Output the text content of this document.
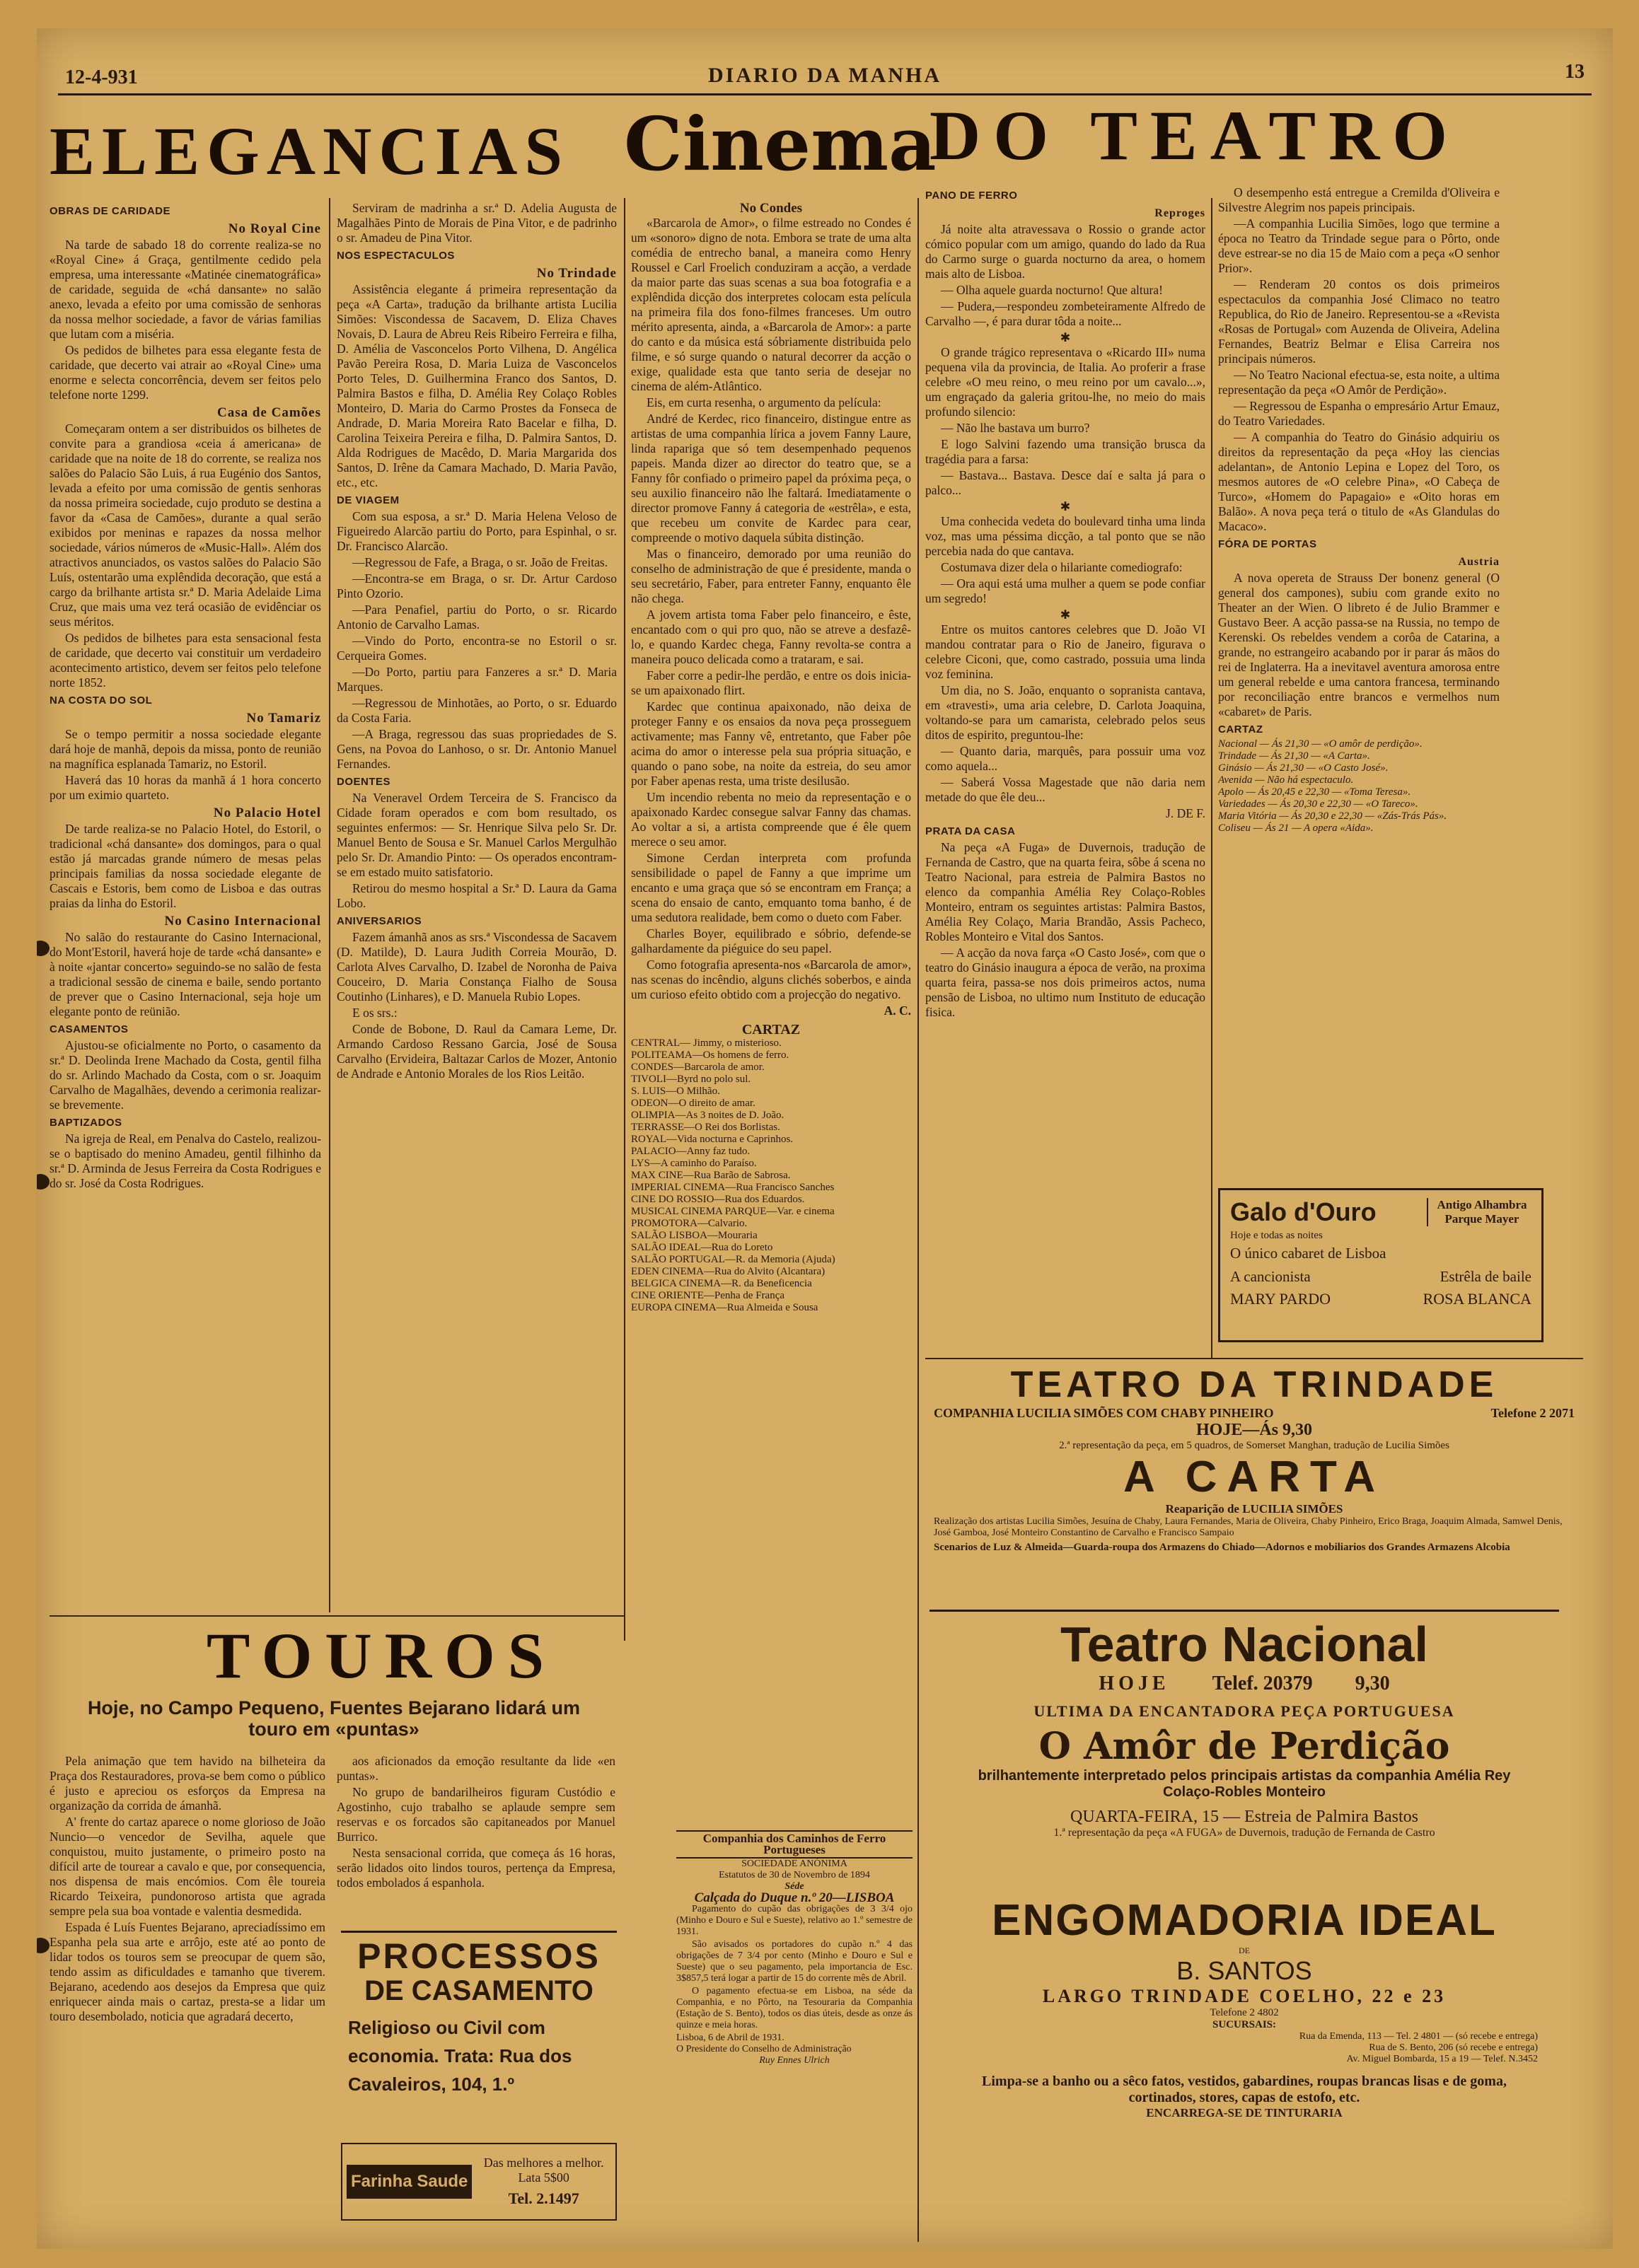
12-4-931	DIARIO DA MANHA	13
ELEGANCIAS Cinema
DO TEATRO
OBRAS DE CARIDADE
No Royal Cine

Na tarde de sabado 18 do corrente realiza-se no «Royal Cine» á Graça, gentilmente cedido pela empresa, uma interessante «Matinée cinematográfica» de caridade, seguida de «chá dansante» no salão anexo, levada a efeito por uma comissão de senhoras da nossa melhor sociedade, a favor de várias familias que lutam com a miséria.

Os pedidos de bilhetes para essa elegante festa de caridade, que decerto vai atrair ao «Royal Cine» uma enorme e selecta concorrência, devem ser feitos pelo telefone norte 1299.

Casa de Camões

Começaram ontem a ser distribuidos os bilhetes de convite para a grandiosa «ceia á americana» de caridade que na noite de 18 do corrente, se realiza nos salões do Palacio São Luis, á rua Eugénio dos Santos, levada a efeito por uma comissão de gentis senhoras da nossa primeira sociedade, cujo produto se destina a favor da «Casa de Camões», durante a qual serão exibidos por meninas e rapazes da nossa melhor sociedade, vários números de «Music-Hall». Além dos atractivos anunciados, os vastos salões do Palacio São Luís, ostentarão uma explêndida decoração, que está a cargo da brilhante artista sr.ª D. Maria Adelaide Lima Cruz, que mais uma vez terá ocasião de evidênciar os seus méritos.

Os pedidos de bilhetes para esta sensacional festa de caridade, que decerto vai constituir um verdadeiro acontecimento artistico, devem ser feitos pelo telefone norte 1852.

NA COSTA DO SOL
No Tamariz

Se o tempo permitir a nossa sociedade elegante dará hoje de manhã, depois da missa, ponto de reunião na magnífica esplanada Tamariz, no Estoril.

Haverá das 10 horas da manhã á 1 hora concerto por um eximio quarteto.

No Palacio Hotel

De tarde realiza-se no Palacio Hotel, do Estoril, o tradicional «chá dansante» dos domingos, para o qual estão já marcadas grande número de mesas pelas principais familias da nossa sociedade elegante de Cascais e Estoris, bem como de Lisboa e das outras praias da linha do Estoril.

No Casino Internacional

No salão do restaurante do Casino Internacional, do Mont'Estoril, haverá hoje de tarde «chá dansante» e à noite «jantar concerto» seguindo-se no salão de festa a tradicional sessão de cinema e baile, sendo portanto de prever que o Casino Internacional, seja hoje um elegante ponto de reünião.

CASAMENTOS

Ajustou-se oficialmente no Porto, o casamento da sr.ª D. Deolinda Irene Machado da Costa, gentil filha do sr. Arlindo Machado da Costa, com o sr. Joaquim Carvalho de Magalhães, devendo a cerimonia realizar-se brevemente.

BAPTIZADOS

Na igreja de Real, em Penalva do Castelo, realizou-se o baptisado do menino Amadeu, gentil filhinho da sr.ª D. Arminda de Jesus Ferreira da Costa Rodrigues e do sr. José da Costa Rodrigues.

Serviram de madrinha a sr.ª D. Adelia Augusta de Magalhães Pinto de Morais de Pina Vitor, e de padrinho o sr. Amadeu de Pina Vitor.

NOS ESPECTACULOS
No Trindade

Assistência elegante á primeira representação da peça «A Carta», tradução da brilhante artista Lucilia Simões: Viscondessa de Sacavem, D. Eliza Chaves Novais, D. Laura de Abreu Reis Ribeiro Ferreira e filha, D. Amélia de Vasconcelos Porto Vilhena, D. Angélica Pavão Pereira Rosa, D. Maria Luiza de Vasconcelos Porto Teles, D. Guilhermina Franco dos Santos, D. Palmira Bastos e filha, D. Amélia Rey Colaço Robles Monteiro, D. Maria do Carmo Prostes da Fonseca de Andrade, D. Maria Moreira Rato Bacelar e filha, D. Carolina Teixeira Pereira e filha, D. Palmira Santos, D. Alda Rodrigues de Macêdo, D. Maria Margarida dos Santos, D. Irêne da Camara Machado, D. Maria Pavão, etc., etc.

DE VIAGEM

Com sua esposa, a sr.ª D. Maria Helena Veloso de Figueiredo Alarcão partiu do Porto, para Espinhal, o sr. Dr. Francisco Alarcão.

—Regressou de Fafe, a Braga, o sr. João de Freitas.

—Encontra-se em Braga, o sr. Dr. Artur Cardoso Pinto Ozorio.

—Para Penafiel, partiu do Porto, o sr. Ricardo Antonio de Carvalho Lamas.

—Vindo do Porto, encontra-se no Estoril o sr. Cerqueira Gomes.

—Do Porto, partiu para Fanzeres a sr.ª D. Maria Marques.

—Regressou de Minhotães, ao Porto, o sr. Eduardo da Costa Faria.

—A Braga, regressou das suas propriedades de S. Gens, na Povoa do Lanhoso, o sr. Dr. Antonio Manuel Fernandes.

DOENTES

Na Veneravel Ordem Terceira de S. Francisco da Cidade foram operados e com bom resultado, os seguintes enfermos: — Sr. Henrique Silva pelo Sr. Dr. Manuel Bento de Sousa e Sr. Manuel Carlos Mergulhão pelo Sr. Dr. Amandio Pinto: — Os operados encontram-se em estado muito satisfatorio.

Retirou do mesmo hospital a Sr.ª D. Laura da Gama Lobo.

ANIVERSARIOS

Fazem ámanhã anos as srs.ª Viscondessa de Sacavem (D. Matilde), D. Laura Judith Correia Mourão, D. Carlota Alves Carvalho, D. Izabel de Noronha de Paiva Couceiro, D. Maria Constança Fialho de Sousa Coutinho (Linhares), e D. Manuela Rubio Lopes.

E os srs.:

Conde de Bobone, D. Raul da Camara Leme, Dr. Armando Cardoso Ressano Garcia, José de Sousa Carvalho (Ervideira, Baltazar Carlos de Mozer, Antonio de Andrade e Antonio Morales de los Rios Leitão.

No Condes

«Barcarola de Amor», o filme estreado no Condes é um «sonoro» digno de nota. Embora se trate de uma alta comédia de entrecho banal, a maneira como Henry Roussel e Carl Froelich conduziram a acção, a verdade da maior parte das suas scenas a sua boa fotografia e a explêndida dicção dos interpretes colocam esta película na primeira fila dos fono-filmes franceses. Um outro mérito apresenta, ainda, a «Barcarola de Amor»: a parte do canto e da música está sóbriamente distribuida pelo filme, e só surge quando o natural decorrer da acção o exige, qualidade esta que tanto seria de desejar no cinema de além-Atlântico.

Eis, em curta resenha, o argumento da película:

André de Kerdec, rico financeiro, distingue entre as artistas de uma companhia lírica a jovem Fanny Laure, linda rapariga que só tem desempenhado pequenos papeis. Manda dizer ao director do teatro que, se a Fanny fôr confiado o primeiro papel da próxima peça, o seu auxilio financeiro não lhe faltará. Imediatamente o director promove Fanny á categoria de «estrêla», e esta, que recebeu um convite de Kardec para cear, compreende o motivo daquela súbita distinção.

Mas o financeiro, demorado por uma reunião do conselho de administração de que é presidente, manda o seu secretário, Faber, para entreter Fanny, enquanto êle não chega.

A jovem artista toma Faber pelo financeiro, e êste, encantado com o qui pro quo, não se atreve a desfazê-lo, e quando Kardec chega, Fanny revolta-se contra a maneira pouco delicada como a trataram, e sai.

Faber corre a pedir-lhe perdão, e entre os dois inicia-se um apaixonado flirt.

Kardec que continua apaixonado, não deixa de proteger Fanny e os ensaios da nova peça prosseguem activamente; mas Fanny vê, entretanto, que Faber pôe acima do amor o interesse pela sua própria situação, e quando o pano sobe, na noite da estreia, do seu amor por Faber apenas resta, uma triste desilusão.

Um incendio rebenta no meio da representação e o apaixonado Kardec consegue salvar Fanny das chamas. Ao voltar a si, a artista compreende que é êle quem merece o seu amor.

Simone Cerdan interpreta com profunda sensibilidade o papel de Fanny a que imprime um encanto e uma graça que só se encontram em França; a scena do ensaio de canto, emquanto toma banho, é de uma sedutora realidade, bem como o dueto com Faber.

Charles Boyer, equilibrado e sóbrio, defende-se galhardamente da piéguice do seu papel.

Como fotografia apresenta-nos «Barcarola de amor», nas scenas do incêndio, alguns clichés soberbos, e ainda um curioso efeito obtido com a projecção do negativo.

A. C.
CARTAZ

CENTRAL— Jimmy, o misterioso.

POLITEAMA—Os homens de ferro.

CONDES—Barcarola de amor.

TIVOLI—Byrd no polo sul.

S. LUIS—O Milhão.

ODEON—O direito de amar.

OLIMPIA—As 3 noites de D. João.

TERRASSE—O Rei dos Borlistas.

ROYAL—Vida nocturna e Caprinhos.

PALACIO—Anny faz tudo.

LYS—A caminho do Paraíso.

MAX CINE—Rua Barão de Sabrosa.

IMPERIAL CINEMA—Rua Francisco Sanches

CINE DO ROSSIO—Rua dos Eduardos.

MUSICAL CINEMA PARQUE—Var. e cinema

PROMOTORA—Calvario.

SALÃO LISBOA—Mouraria

SALÃO IDEAL—Rua do Loreto

SALÃO PORTUGAL—R. da Memoria (Ajuda)

EDEN CINEMA—Rua do Alvito (Alcantara)

BELGICA CINEMA—R. da Beneficencia

CINE ORIENTE—Penha de França

EUROPA CINEMA—Rua Almeida e Sousa

Companhia dos Caminhos de Ferro Portugueses
SOCIEDADE ANÓNIMA
Estatutos de 30 de Novembro de 1894
Séde
Calçada do Duque n.º 20—LISBOA

Pagamento do cupão das obrigações de 3 3/4 ojo (Minho e Douro e Sul e Sueste), relativo ao 1.º semestre de 1931.

São avisados os portadores do cupão n.º 4 das obrigações de 7 3/4 por cento (Minho e Douro e Sul e Sueste) que o seu pagamento, pela importancia de Esc. 3$857,5 terá logar a partir de 15 do corrente mês de Abril.

O pagamento efectua-se em Lisboa, na séde da Companhia, e no Pôrto, na Tesouraria da Companhia (Estação de S. Bento), todos os dias úteis, desde as onze ás quinze e meia horas.

Lisboa, 6 de Abril de 1931.
O Presidente do Conselho de Administração
Ruy Ennes Ulrich
PANO DE FERRO
Reproges

Já noite alta atravessava o Rossio o grande actor cómico popular com um amigo, quando do lado da Rua do Carmo surge o guarda nocturno da area, o homem mais alto de Lisboa.

— Olha aquele guarda nocturno! Que altura!

— Pudera,—respondeu zombeteiramente Alfredo de Carvalho —, é para durar tôda a noite...

✱

O grande trágico representava o «Ricardo III» numa pequena vila da provincia, de Italia. Ao proferir a frase celebre «O meu reino, o meu reino por um cavalo...», um engraçado da galeria gritou-lhe, no meio do mais profundo silencio:

— Não lhe bastava um burro?

E logo Salvini fazendo uma transição brusca da tragédia para a farsa:

— Bastava... Bastava. Desce daí e salta já para o palco...

✱

Uma conhecida vedeta do boulevard tinha uma linda voz, mas uma péssima dicção, a tal ponto que se não percebia nada do que cantava.

Costumava dizer dela o hilariante comediografo:

— Ora aqui está uma mulher a quem se pode confiar um segredo!

✱

Entre os muitos cantores celebres que D. João VI mandou contratar para o Rio de Janeiro, figurava o celebre Ciconi, que, como castrado, possuia uma linda voz feminina.

Um dia, no S. João, enquanto o sopranista cantava, em «travesti», uma aria celebre, D. Carlota Joaquina, voltando-se para um camarista, celebrado pelos seus ditos de espirito, preguntou-lhe:

— Quanto daria, marquês, para possuir uma voz como aquela...

— Saberá Vossa Magestade que não daria nem metade do que êle deu...

J. DE F.
PRATA DA CASA

Na peça «A Fuga» de Duvernois, tradução de Fernanda de Castro, que na quarta feira, sôbe á scena no Teatro Nacional, para estreia de Palmira Bastos no elenco da companhia Amélia Rey Colaço-Robles Monteiro, entram os seguintes artistas: Palmira Bastos, Amélia Rey Colaço, Maria Brandão, Assis Pacheco, Robles Monteiro e Vital dos Santos.

— A acção da nova farça «O Casto José», com que o teatro do Ginásio inaugura a época de verão, na proxima quarta feira, passa-se nos dois primeiros actos, numa pensão de Lisboa, no ultimo num Instituto de educação fisica.

O desempenho está entregue a Cremilda d'Oliveira e Silvestre Alegrim nos papeis principais.

—A companhia Lucilia Simões, logo que termine a época no Teatro da Trindade segue para o Pôrto, onde deve estrear-se no dia 15 de Maio com a peça «O senhor Prior».

— Renderam 20 contos os dois primeiros espectaculos da companhia José Climaco no teatro Republica, do Rio de Janeiro. Representou-se a «Revista «Rosas de Portugal» com Auzenda de Oliveira, Adelina Fernandes, Beatriz Belmar e Elisa Carreira nos principais números.

— No Teatro Nacional efectua-se, esta noite, a ultima representação da peça «O Amôr de Perdição».

— Regressou de Espanha o empresário Artur Emauz, do Teatro Variedades.

— A companhia do Teatro do Ginásio adquiriu os direitos da representação da peça «Hoy las ciencias adelantan», de Antonio Lepina e Lopez del Toro, os mesmos autores de «O celebre Pina», «O Cabeça de Turco», «Homem do Papagaio» e «Oito horas em Balão». A nova peça terá o titulo de «As Glandulas do Macaco».

FÓRA DE PORTAS
Austria

A nova opereta de Strauss Der bonenz general (O general dos campones), subiu com grande exito no Theater an der Wien. O libreto é de Julio Brammer e Gustavo Beer. A acção passa-se na Russia, no tempo de Kerenski. Os rebeldes vendem a corôa de Catarina, a grande, no estrangeiro acabando por ir parar ás mãos do rei de Inglaterra. Ha a inevitavel aventura amorosa entre um general rebelde e uma cantora francesa, terminando por reconciliação entre brancos e vermelhos num «cabaret» de Paris.

CARTAZ

Nacional — Ás 21,30 — «O amôr de perdição».

Trindade — Ás 21,30 — «A Carta».

Ginásio — Ás 21,30 — «O Casto José».

Avenida — Não há espectaculo.

Apolo — Ás 20,45 e 22,30 — «Toma Teresa».

Variedades — Ás 20,30 e 22,30 — «O Tareco».

Maria Vitória — Ás 20,30 e 22,30 — «Zás-Trás Pás».

Coliseu — Ás 21 — A opera «Aida».

Galo d'Ouro	Antigo Alhambra Parque Mayer
Hoje e todas as noites
O único cabaret de Lisboa
A cancionista	Estrêla de baile
MARY PARDO	ROSA BLANCA
TEATRO DA TRINDADE
COMPANHIA LUCILIA SIMÕES COM CHABY PINHEIRO	Telefone 2 2071
HOJE—Ás 9,30
2.ª representação da peça, em 5 quadros, de Somerset Manghan, tradução de Lucilia Simões
A CARTA
Reaparição de LUCILIA SIMÕES
Realização dos artistas Lucilia Simões, Jesuína de Chaby, Laura Fernandes, Maria de Oliveira, Chaby Pinheiro, Erico Braga, Joaquim Almada, Samwel Denis, José Gamboa, José Monteiro Constantino de Carvalho e Francisco Sampaio
Scenarios de Luz & Almeida—Guarda-roupa dos Armazens do Chiado—Adornos e mobiliarios dos Grandes Armazens Alcobia
Teatro Nacional
HOJE Telef. 20379 9,30
ULTIMA DA ENCANTADORA PEÇA PORTUGUESA
O Amôr de Perdição
brilhantemente interpretado pelos principais artistas da companhia Amélia Rey Colaço-Robles Monteiro
QUARTA-FEIRA, 15 — Estreia de Palmira Bastos
1.ª representação da peça «A FUGA» de Duvernois, tradução de Fernanda de Castro
ENGOMADORIA IDEAL
DE
B. SANTOS
LARGO TRINDADE COELHO, 22 e 23
Telefone 2 4802
SUCURSAIS:
Rua da Emenda, 113 — Tel. 2 4801 — (só recebe e entrega)
Rua de S. Bento, 206 (só recebe e entrega)
Av. Miguel Bombarda, 15 a 19 — Telef. N.3452
Limpa-se a banho ou a sêco fatos, vestidos, gabardines, roupas brancas lisas e de goma, cortinados, stores, capas de estofo, etc.
ENCARREGA-SE DE TINTURARIA
TOUROS
Hoje, no Campo Pequeno, Fuentes Bejarano lidará um touro em «puntas»

Pela animação que tem havido na bilheteira da Praça dos Restauradores, prova-se bem como o público é justo e apreciou os esforços da Empresa na organização da corrida de ámanhã.

A' frente do cartaz aparece o nome glorioso de João Nuncio—o vencedor de Sevilha, aquele que conquistou, muito justamente, o primeiro posto na difícil arte de tourear a cavalo e que, por consequencia, nos dispensa de mais encómios. Com êle toureia Ricardo Teixeira, pundonoroso artista que agrada sempre pela sua boa vontade e valentia desmedida.

Espada é Luís Fuentes Bejarano, apreciadíssimo em Espanha pela sua arte e arrôjo, este até ao ponto de lidar todos os touros sem se preocupar de quem são, tendo assim as dificuldades e tamanho que tiverem. Bejarano, acedendo aos desejos da Empresa que quiz enriquecer ainda mais o cartaz, presta-se a lidar um touro desembolado, noticia que agradará decerto,

aos aficionados da emoção resultante da lide «en puntas».

No grupo de bandarilheiros figuram Custódio e Agostinho, cujo trabalho se aplaude sempre sem reservas e os forcados são capitaneados por Manuel Burrico.

Nesta sensacional corrida, que começa ás 16 horas, serão lidados oito lindos touros, pertença da Empresa, todos embolados á espanhola.

PROCESSOS
DE CASAMENTO
Religioso ou Civil com economia. Trata: Rua dos Cavaleiros, 104, 1.º
Farinha Saude
Das melhores a melhor. Lata 5$00
Tel. 2.1497
